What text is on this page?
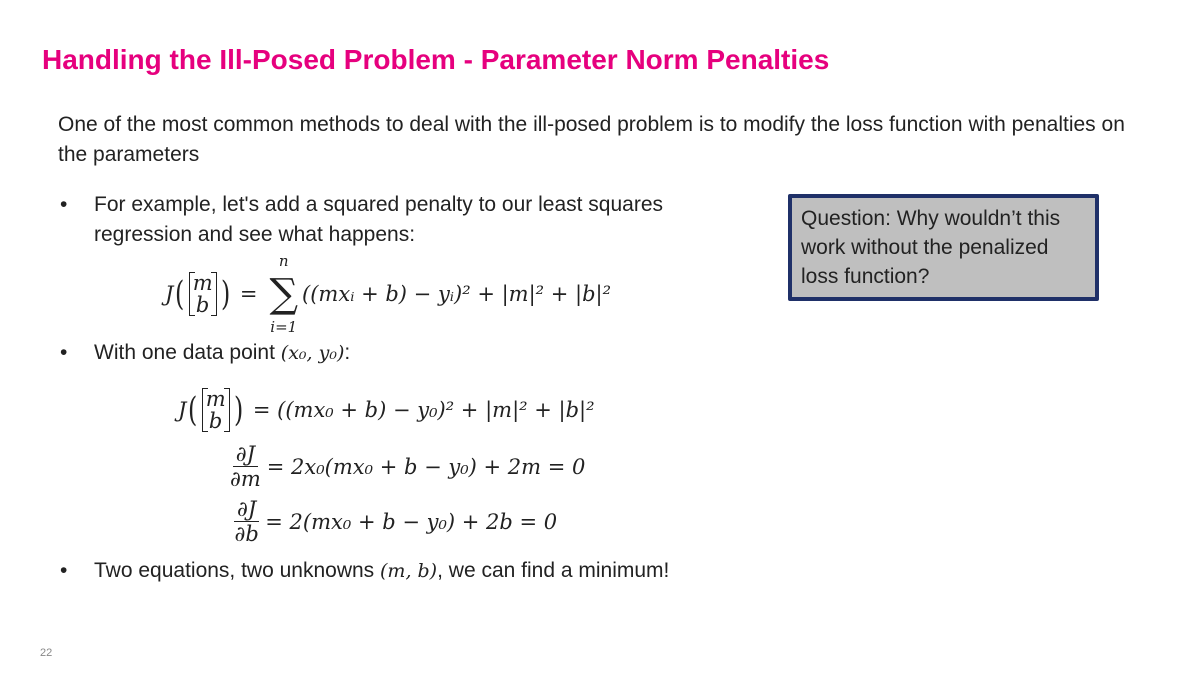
Handling the Ill-Posed Problem - Parameter Norm Penalties
One of the most common methods to deal with the ill-posed problem is to modify the loss function with penalties on the parameters
• For example, let's add a squared penalty to our least squares
regression and see what happens:
J ( m
b ) =
n
∑
i=1
((mxᵢ + b) − yᵢ)² + |m|² + |b|²
• With one data point (x₀, y₀):
J ( m
b ) = ((mx₀ + b) − y₀)² + |m|² + |b|²
$\frac{\partial J}{\partial m} = 2x_0(mx_0 + b - y_0) + 2m = 0$
$\frac{\partial J}{\partial b} = 2(mx_0 + b - y_0) + 2b = 0$
• Two equations, two unknowns (m, b), we can find a minimum!
Question: Why wouldn’t this work without the penalized loss function?
22
